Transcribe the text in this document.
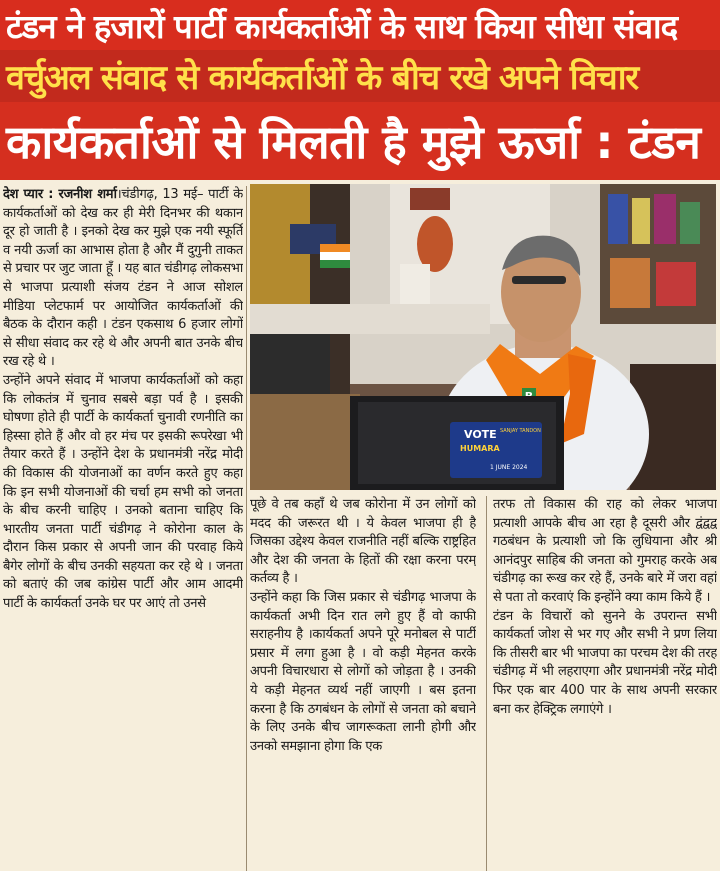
टंडन ने हजारों पार्टी कार्यकर्ताओं के साथ किया सीधा संवाद
वर्चुअल संवाद से कार्यकर्ताओं के बीच रखे अपने विचार
कार्यकर्ताओं से मिलती है मुझे ऊर्जा : टंडन

देश प्यार : रजनीश शर्मा।चंडीगढ़, 13 मई– पार्टी के कार्यकर्ताओं को देख कर ही मेरी दिनभर की थकान दूर हो जाती है । इनको देख कर मुझे एक नयी स्फूर्ति व नयी ऊर्जा का आभास होता है और मैं दुगुनी ताकत से प्रचार पर जुट जाता हूँ । यह बात चंडीगढ़ लोकसभा से भाजपा प्रत्याशी संजय टंडन ने आज सोशल मीडिया प्लेटफार्म पर आयोजित कार्यकर्ताओं की बैठक के दौरान कही । टंडन एकसाथ 6 हजार लोगों से सीधा संवाद कर रहे थे और अपनी बात उनके बीच रख रहे थे ।

उन्होंने अपने संवाद में भाजपा कार्यकर्ताओं को कहा कि लोकतंत्र में चुनाव सबसे बड़ा पर्व है । इसकी घोषणा होते ही पार्टी के कार्यकर्ता चुनावी रणनीति का हिस्सा होते हैं और वो हर मंच पर इसकी रूपरेखा भी तैयार करते हैं । उन्होंने देश के प्रधानमंत्री नरेंद्र मोदी की विकास की योजनाओं का वर्णन करते हुए कहा कि इन सभी योजनाओं की चर्चा हम सभी को जनता के बीच करनी चाहिए । उनको बताना चाहिए कि भारतीय जनता पार्टी चंडीगढ़ ने कोरोना काल के दौरान किस प्रकार से अपनी जान की परवाह किये बैगेर लोगों के बीच उनकी सहयता कर रहे थे । जनता को बताएं की जब कांग्रेस पार्टी और आम आदमी पार्टी के कार्यकर्ता उनके घर पर आएं तो उनसे

VOTE
HUMARA
SANJAY TANDON
1 JUNE 2024

पूछे वे तब कहाँ थे जब कोरोना में उन लोगों को मदद की जरूरत थी । ये केवल भाजपा ही है जिसका उद्देश्य केवल राजनीति नहीं बल्कि राष्ट्रहित और देश की जनता के हितों की रक्षा करना परम् कर्तव्य है ।

उन्होंने कहा कि जिस प्रकार से चंडीगढ़ भाजपा के कार्यकर्ता अभी दिन रात लगे हुए हैं वो काफी सराहनीय है ।कार्यकर्ता अपने पूरे मनोबल से पार्टी प्रसार में लगा हुआ है । वो कड़ी मेहनत करके अपनी विचारधारा से लोगों को जोड़ता है । उनकी ये कड़ी मेहनत व्यर्थ नहीं जाएगी । बस इतना करना है कि ठगबंधन के लोगों से जनता को बचाने के लिए उनके बीच जागरूकता लानी होगी और उनको समझाना होगा कि एक

तरफ तो विकास की राह को लेकर भाजपा प्रत्याशी आपके बीच आ रहा है दूसरी और द्वंद्वद्व गठबंधन के प्रत्याशी जो कि लुधियाना और श्री आनंदपुर साहिब की जनता को गुमराह करके अब चंडीगढ़ का रूख कर रहे हैं, उनके बारे में जरा वहां से पता तो करवाएं कि इन्होंने क्या काम किये हैं ।

टंडन के विचारों को सुनने के उपरान्त सभी कार्यकर्ता जोश से भर गए और सभी ने प्रण लिया कि तीसरी बार भी भाजपा का परचम देश की तरह चंडीगढ़ में भी लहराएगा और प्रधानमंत्री नरेंद्र मोदी फिर एक बार 400 पार के साथ अपनी सरकार बना कर हेक्ट्रिक लगाएंगे ।
